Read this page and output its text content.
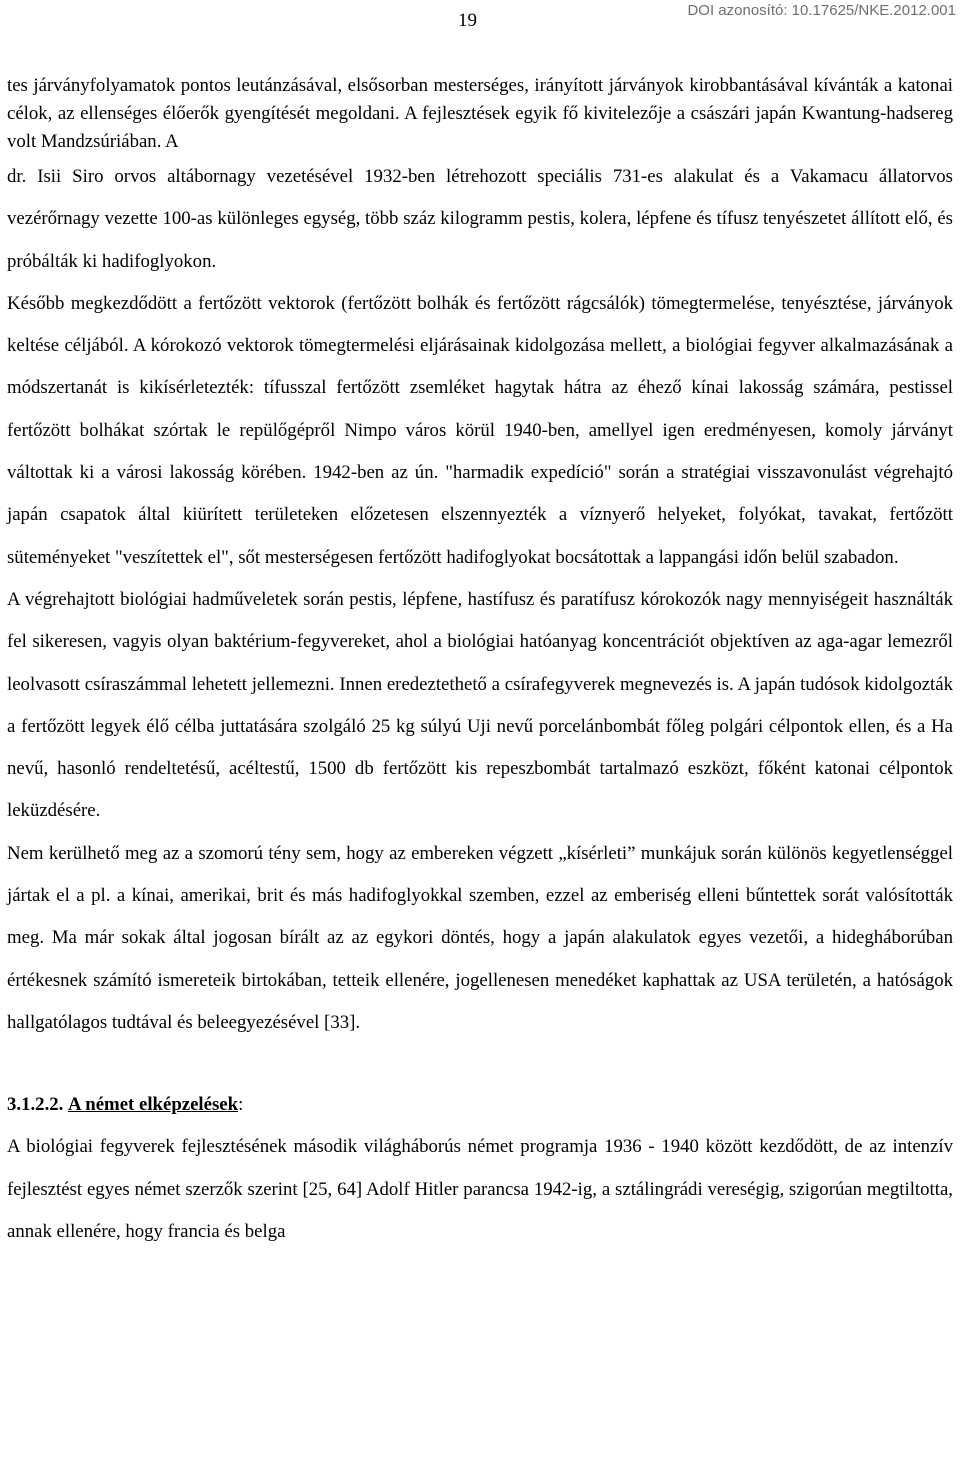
19	DOI azonosító: 10.17625/NKE.2012.001

tes járványfolyamatok pontos leutánzásával, elsősorban mesterséges, irányított járványok kirobbantásával kívánták a katonai célok, az ellenséges élőerők gyengítését megoldani. A fejlesztések egyik fő kivitelezője a császári japán Kwantung-hadsereg volt Mandzsúriában. A

dr. Isii Siro orvos altábornagy vezetésével 1932-ben létrehozott speciális 731-es alakulat és a Vakamacu állatorvos vezérőrnagy vezette 100-as különleges egység, több száz kilogramm pestis, kolera, lépfene és tífusz tenyészetet állított elő, és próbálták ki hadifoglyokon.

Később megkezdődött a fertőzött vektorok (fertőzött bolhák és fertőzött rágcsálók) tömegtermelése, tenyésztése, járványok keltése céljából. A kórokozó vektorok tömegtermelési eljárásainak kidolgozása mellett, a biológiai fegyver alkalmazásának a módszertanát is kikísérletezték: tífusszal fertőzött zsemléket hagytak hátra az éhező kínai lakosság számára, pestissel fertőzött bolhákat szórtak le repülőgépről Nimpo város körül 1940-ben, amellyel igen eredményesen, komoly járványt váltottak ki a városi lakosság körében. 1942-ben az ún. "harmadik expedíció" során a stratégiai visszavonulást végrehajtó japán csapatok által kiürített területeken előzetesen elszennyezték a víznyerő helyeket, folyókat, tavakat, fertőzött süteményeket "veszítettek el", sőt mesterségesen fertőzött hadifoglyokat bocsátottak a lappangási időn belül szabadon.

A végrehajtott biológiai hadműveletek során pestis, lépfene, hastífusz és paratífusz kórokozók nagy mennyiségeit használták fel sikeresen, vagyis olyan baktérium-fegyvereket, ahol a biológiai hatóanyag koncentrációt objektíven az aga-agar lemezről leolvasott csíraszámmal lehetett jellemezni. Innen eredeztethető a csírafegyverek megnevezés is. A japán tudósok kidolgozták a fertőzött legyek élő célba juttatására szolgáló 25 kg súlyú Uji nevű porcelánbombát főleg polgári célpontok ellen, és a Ha nevű, hasonló rendeltetésű, acéltestű, 1500 db fertőzött kis repeszbombát tartalmazó eszközt, főként katonai célpontok leküzdésére.

Nem kerülhető meg az a szomorú tény sem, hogy az embereken végzett „kísérleti” munkájuk során különös kegyetlenséggel jártak el a pl. a kínai, amerikai, brit és más hadifoglyokkal szemben, ezzel az emberiség elleni bűntettek sorát valósították meg. Ma már sokak által jogosan bírált az az egykori döntés, hogy a japán alakulatok egyes vezetői, a hidegháborúban értékesnek számító ismereteik birtokában, tetteik ellenére, jogellenesen menedéket kaphattak az USA területén, a hatóságok hallgatólagos tudtával és beleegyezésével [33].

3.1.2.2. A német elképzelések:

A biológiai fegyverek fejlesztésének második világháborús német programja 1936 - 1940 között kezdődött, de az intenzív fejlesztést egyes német szerzők szerint [25, 64] Adolf Hitler parancsa 1942-ig, a sztálingrádi vereségig, szigorúan megtiltotta, annak ellenére, hogy francia és belga
